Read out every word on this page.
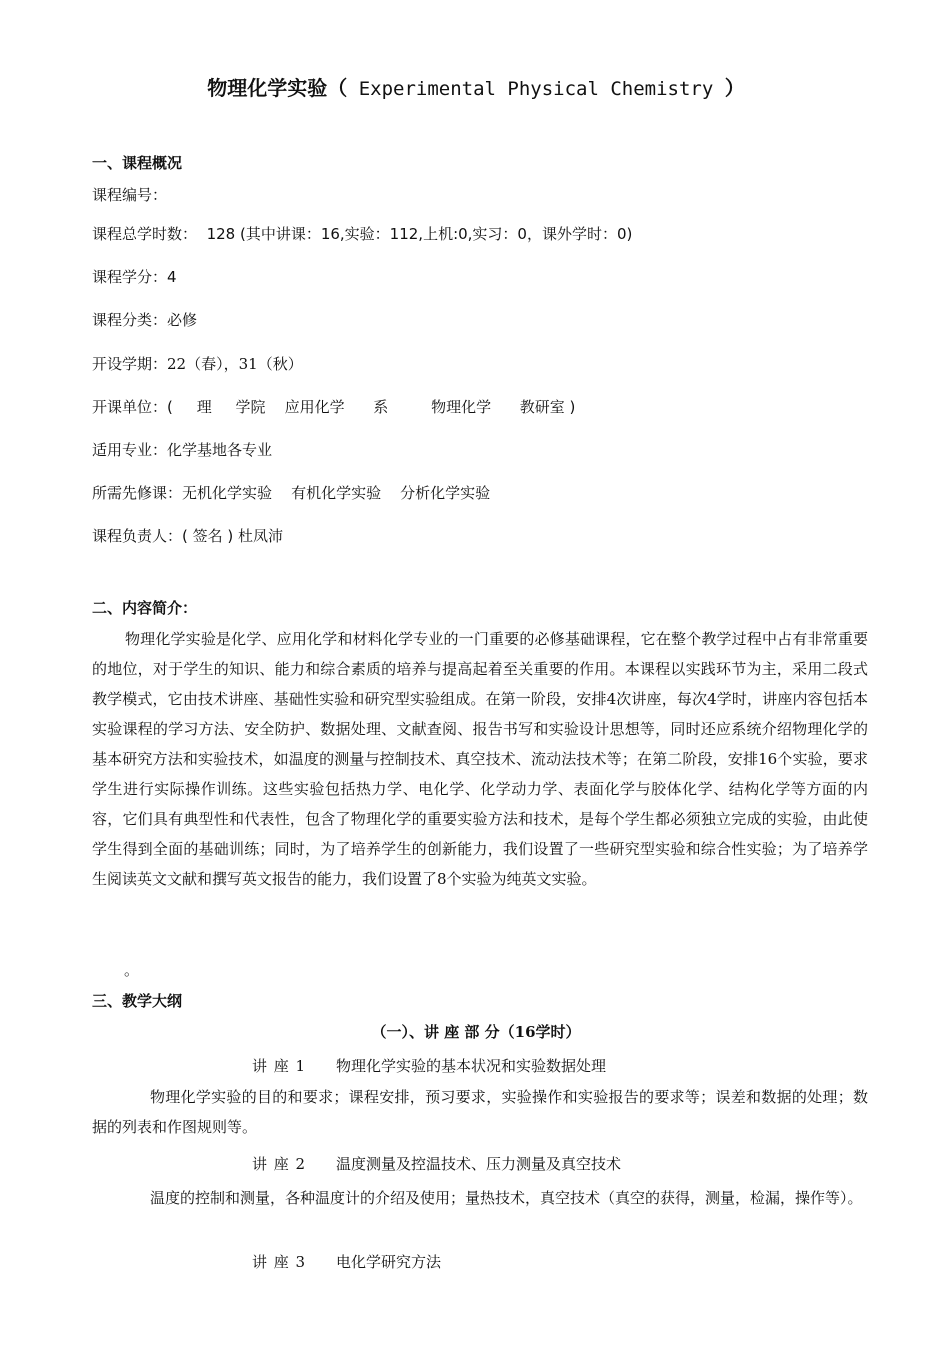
物理化学实验（ Experimental Physical Chemistry ）
一、课程概况
课程编号：
课程总学时数： 128 (其中讲课：16,实验：112,上机:0,实习：0，课外学时：0)
课程学分：4
课程分类：必修
开设学期：22（春），31（秋）
开课单位：(     理     学院    应用化学      系         物理化学      教研室 )
适用专业：化学基地各专业
所需先修课：无机化学实验    有机化学实验    分析化学实验
课程负责人：( 签名 ) 杜凤沛
二、内容简介：
物理化学实验是化学、应用化学和材料化学专业的一门重要的必修基础课程，它在整个教学过程中占有非常重要的地位，对于学生的知识、能力和综合素质的培养与提高起着至关重要的作用。本课程以实践环节为主，采用二段式教学模式，它由技术讲座、基础性实验和研究型实验组成。在第一阶段，安排4次讲座，每次4学时，讲座内容包括本实验课程的学习方法、安全防护、数据处理、文献查阅、报告书写和实验设计思想等，同时还应系统介绍物理化学的基本研究方法和实验技术，如温度的测量与控制技术、真空技术、流动法技术等；在第二阶段，安排16个实验，要求学生进行实际操作训练。这些实验包括热力学、电化学、化学动力学、表面化学与胶体化学、结构化学等方面的内容，它们具有典型性和代表性，包含了物理化学的重要实验方法和技术，是每个学生都必须独立完成的实验，由此使学生得到全面的基础训练；同时，为了培养学生的创新能力，我们设置了一些研究型实验和综合性实验；为了培养学生阅读英文文献和撰写英文报告的能力，我们设置了8个实验为纯英文实验。
。
三、教学大纲
（一）、讲 座 部 分（16学时）
讲 座 1 物理化学实验的基本状况和实验数据处理
物理化学实验的目的和要求；课程安排，预习要求，实验操作和实验报告的要求等；误差和数据的处理；数据的列表和作图规则等。
讲 座 2 温度测量及控温技术、压力测量及真空技术
温度的控制和测量，各种温度计的介绍及使用；量热技术，真空技术（真空的获得，测量，检漏，操作等）。
讲 座 3 电化学研究方法
